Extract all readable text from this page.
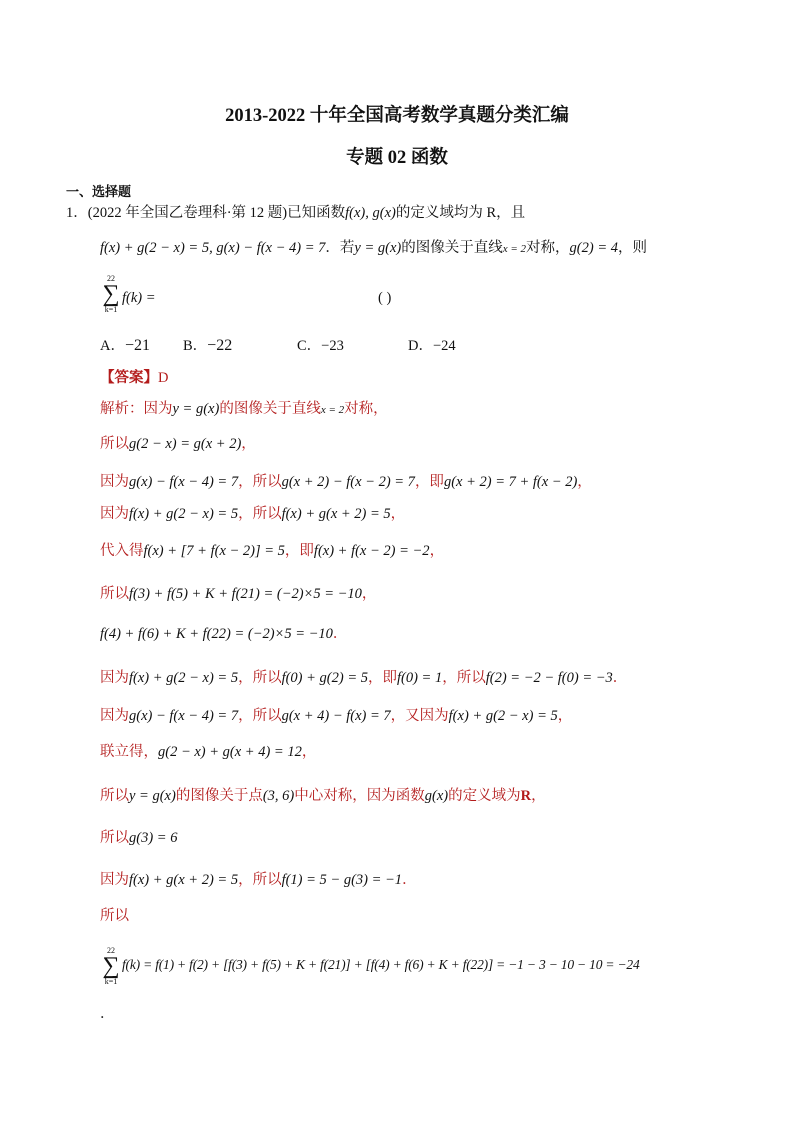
2013-2022 十年全国高考数学真题分类汇编
专题 02 函数
一、选择题
1．(2022 年全国乙卷理科·第 12 题)已知函数f(x), g(x)的定义域均为 R，且
f(x) + g(2 − x) = 5, g(x) − f(x − 4) = 7．若y = g(x)的图像关于直线x = 2对称，g(2) = 4，则
22
∑
k=1
f(k) =	( )
A．−21 B．−22	C．−23	D．−24
【答案】D
解析：因为y = g(x)的图像关于直线x = 2对称，
所以g(2 − x) = g(x + 2)，
因为g(x) − f(x − 4) = 7，所以g(x + 2) − f(x − 2) = 7，即g(x + 2) = 7 + f(x − 2)，
因为f(x) + g(2 − x) = 5，所以f(x) + g(x + 2) = 5，
代入得f(x) + [7 + f(x − 2)] = 5，即f(x) + f(x − 2) = −2，
所以f(3) + f(5) + K + f(21) = (−2)×5 = −10，
f(4) + f(6) + K + f(22) = (−2)×5 = −10．
因为f(x) + g(2 − x) = 5，所以f(0) + g(2) = 5，即f(0) = 1，所以f(2) = −2 − f(0) = −3．
因为g(x) − f(x − 4) = 7，所以g(x + 4) − f(x) = 7，又因为f(x) + g(2 − x) = 5，
联立得，g(2 − x) + g(x + 4) = 12，
所以y = g(x)的图像关于点(3, 6)中心对称，因为函数g(x)的定义域为R，
所以g(3) = 6
因为f(x) + g(x + 2) = 5，所以f(1) = 5 − g(3) = −1．
所以
22
∑
k=1
f(k) = f(1) + f(2) + [f(3) + f(5) + K + f(21)] + [f(4) + f(6) + K + f(22)] = −1 − 3 − 10 − 10 = −24
．
